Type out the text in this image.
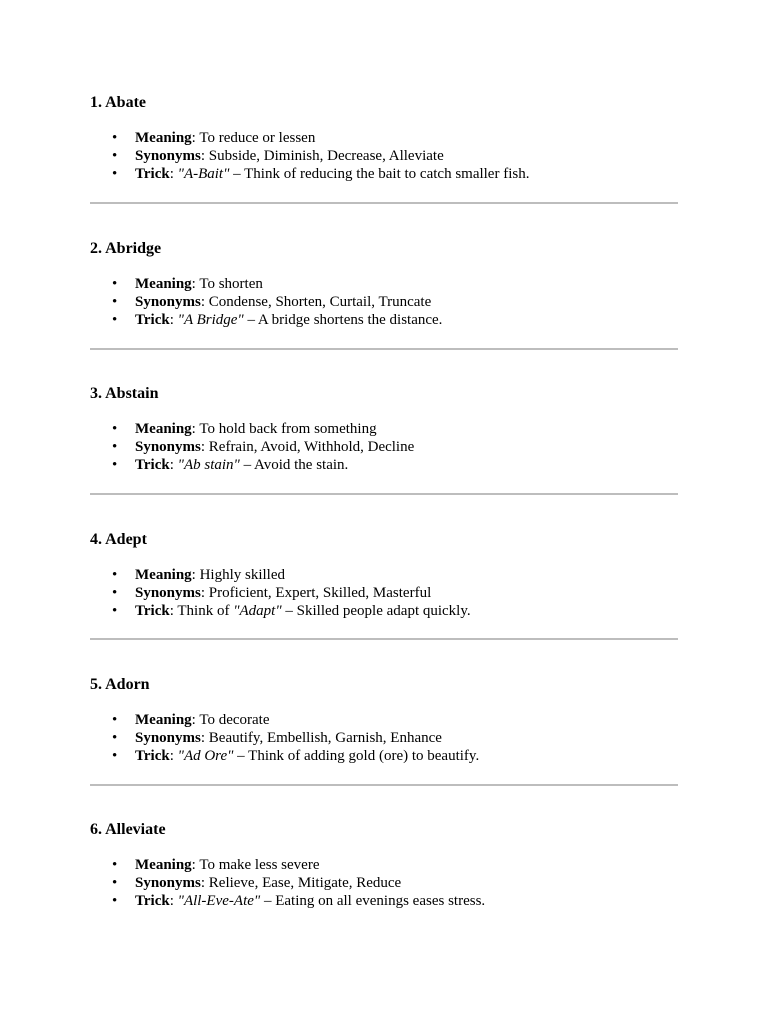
1. Abate
• Meaning: To reduce or lessen
• Synonyms: Subside, Diminish, Decrease, Alleviate
• Trick: "A-Bait" – Think of reducing the bait to catch smaller fish.
2. Abridge
• Meaning: To shorten
• Synonyms: Condense, Shorten, Curtail, Truncate
• Trick: "A Bridge" – A bridge shortens the distance.
3. Abstain
• Meaning: To hold back from something
• Synonyms: Refrain, Avoid, Withhold, Decline
• Trick: "Ab stain" – Avoid the stain.
4. Adept
• Meaning: Highly skilled
• Synonyms: Proficient, Expert, Skilled, Masterful
• Trick: Think of "Adapt" – Skilled people adapt quickly.
5. Adorn
• Meaning: To decorate
• Synonyms: Beautify, Embellish, Garnish, Enhance
• Trick: "Ad Ore" – Think of adding gold (ore) to beautify.
6. Alleviate
• Meaning: To make less severe
• Synonyms: Relieve, Ease, Mitigate, Reduce
• Trick: "All-Eve-Ate" – Eating on all evenings eases stress.
